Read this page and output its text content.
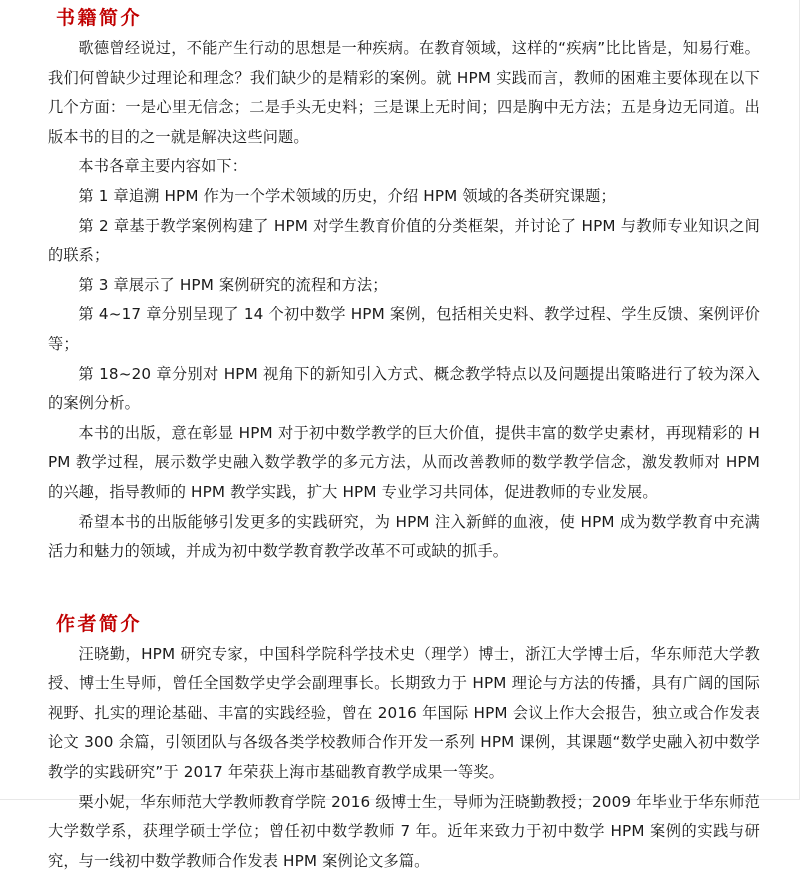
书籍简介

歌德曾经说过，不能产生行动的思想是一种疾病。在教育领域，这样的“疾病”比比皆是，知易行难。我们何曾缺少过理论和理念？我们缺少的是精彩的案例。就 HPM 实践而言，教师的困难主要体现在以下几个方面：一是心里无信念；二是手头无史料；三是课上无时间；四是胸中无方法；五是身边无同道。出版本书的目的之一就是解决这些问题。

本书各章主要内容如下：

第 1 章追溯 HPM 作为一个学术领域的历史，介绍 HPM 领域的各类研究课题；

第 2 章基于教学案例构建了 HPM 对学生教育价值的分类框架，并讨论了 HPM 与教师专业知识之间的联系；

第 3 章展示了 HPM 案例研究的流程和方法；

第 4~17 章分别呈现了 14 个初中数学 HPM 案例，包括相关史料、教学过程、学生反馈、案例评价等；

第 18~20 章分别对 HPM 视角下的新知引入方式、概念教学特点以及问题提出策略进行了较为深入的案例分析。

本书的出版，意在彰显 HPM 对于初中数学教学的巨大价值，提供丰富的数学史素材，再现精彩的 HPM 教学过程，展示数学史融入数学教学的多元方法，从而改善教师的数学教学信念，激发教师对 HPM 的兴趣，指导教师的 HPM 教学实践，扩大 HPM 专业学习共同体，促进教师的专业发展。

希望本书的出版能够引发更多的实践研究，为 HPM 注入新鲜的血液，使 HPM 成为数学教育中充满活力和魅力的领域，并成为初中数学教育教学改革不可或缺的抓手。

作者简介

汪晓勤，HPM 研究专家，中国科学院科学技术史（理学）博士，浙江大学博士后，华东师范大学教授、博士生导师，曾任全国数学史学会副理事长。长期致力于 HPM 理论与方法的传播，具有广阔的国际视野、扎实的理论基础、丰富的实践经验，曾在 2016 年国际 HPM 会议上作大会报告，独立或合作发表论文 300 余篇，引领团队与各级各类学校教师合作开发一系列 HPM 课例，其课题“数学史融入初中数学教学的实践研究”于 2017 年荣获上海市基础教育教学成果一等奖。

栗小妮，华东师范大学教师教育学院 2016 级博士生，导师为汪晓勤教授；2009 年毕业于华东师范大学数学系，获理学硕士学位；曾任初中数学教师 7 年。近年来致力于初中数学 HPM 案例的实践与研究，与一线初中数学教师合作发表 HPM 案例论文多篇。
